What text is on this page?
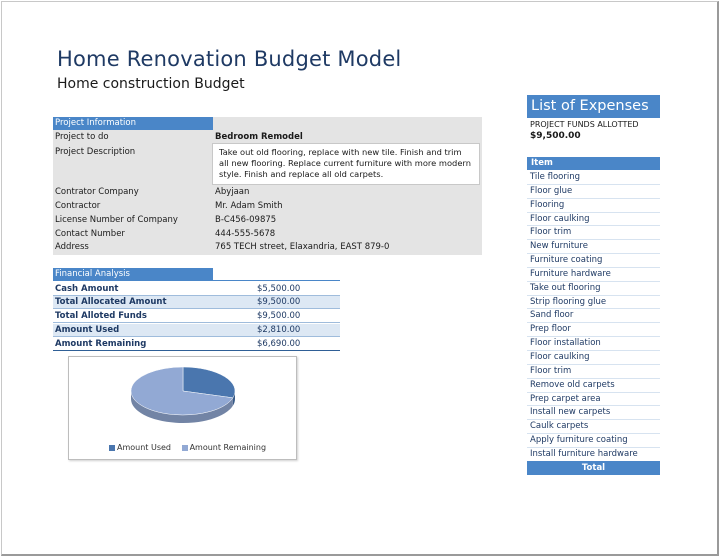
Home Renovation Budget Model
Home construction Budget
Project Information
Project to do	Bedroom Remodel
Project Description	Take out old flooring, replace with new tile. Finish and trim all new flooring. Replace current furniture with more modern style. Finish and replace all old carpets.
Contrator Company	Abyjaan
Contractor	Mr. Adam Smith
License Number of Company	B-C456-09875
Contact Number	444-555-5678
Address	765 TECH street, Elaxandria, EAST 879-0
Financial Analysis
Cash Amount	$5,500.00
Total Allocated Amount	$9,500.00
Total Alloted Funds	$9,500.00
Amount Used	$2,810.00
Amount Remaining	$6,690.00
Amount Used Amount Remaining
List of Expenses
PROJECT FUNDS ALLOTTED
$9,500.00
Item
Tile flooring
Floor glue
Flooring
Floor caulking
Floor trim
New furniture
Furniture coating
Furniture hardware
Take out flooring
Strip flooring glue
Sand floor
Prep floor
Floor installation
Floor caulking
Floor trim
Remove old carpets
Prep carpet area
Install new carpets
Caulk carpets
Apply furniture coating
Install furniture hardware
Total
